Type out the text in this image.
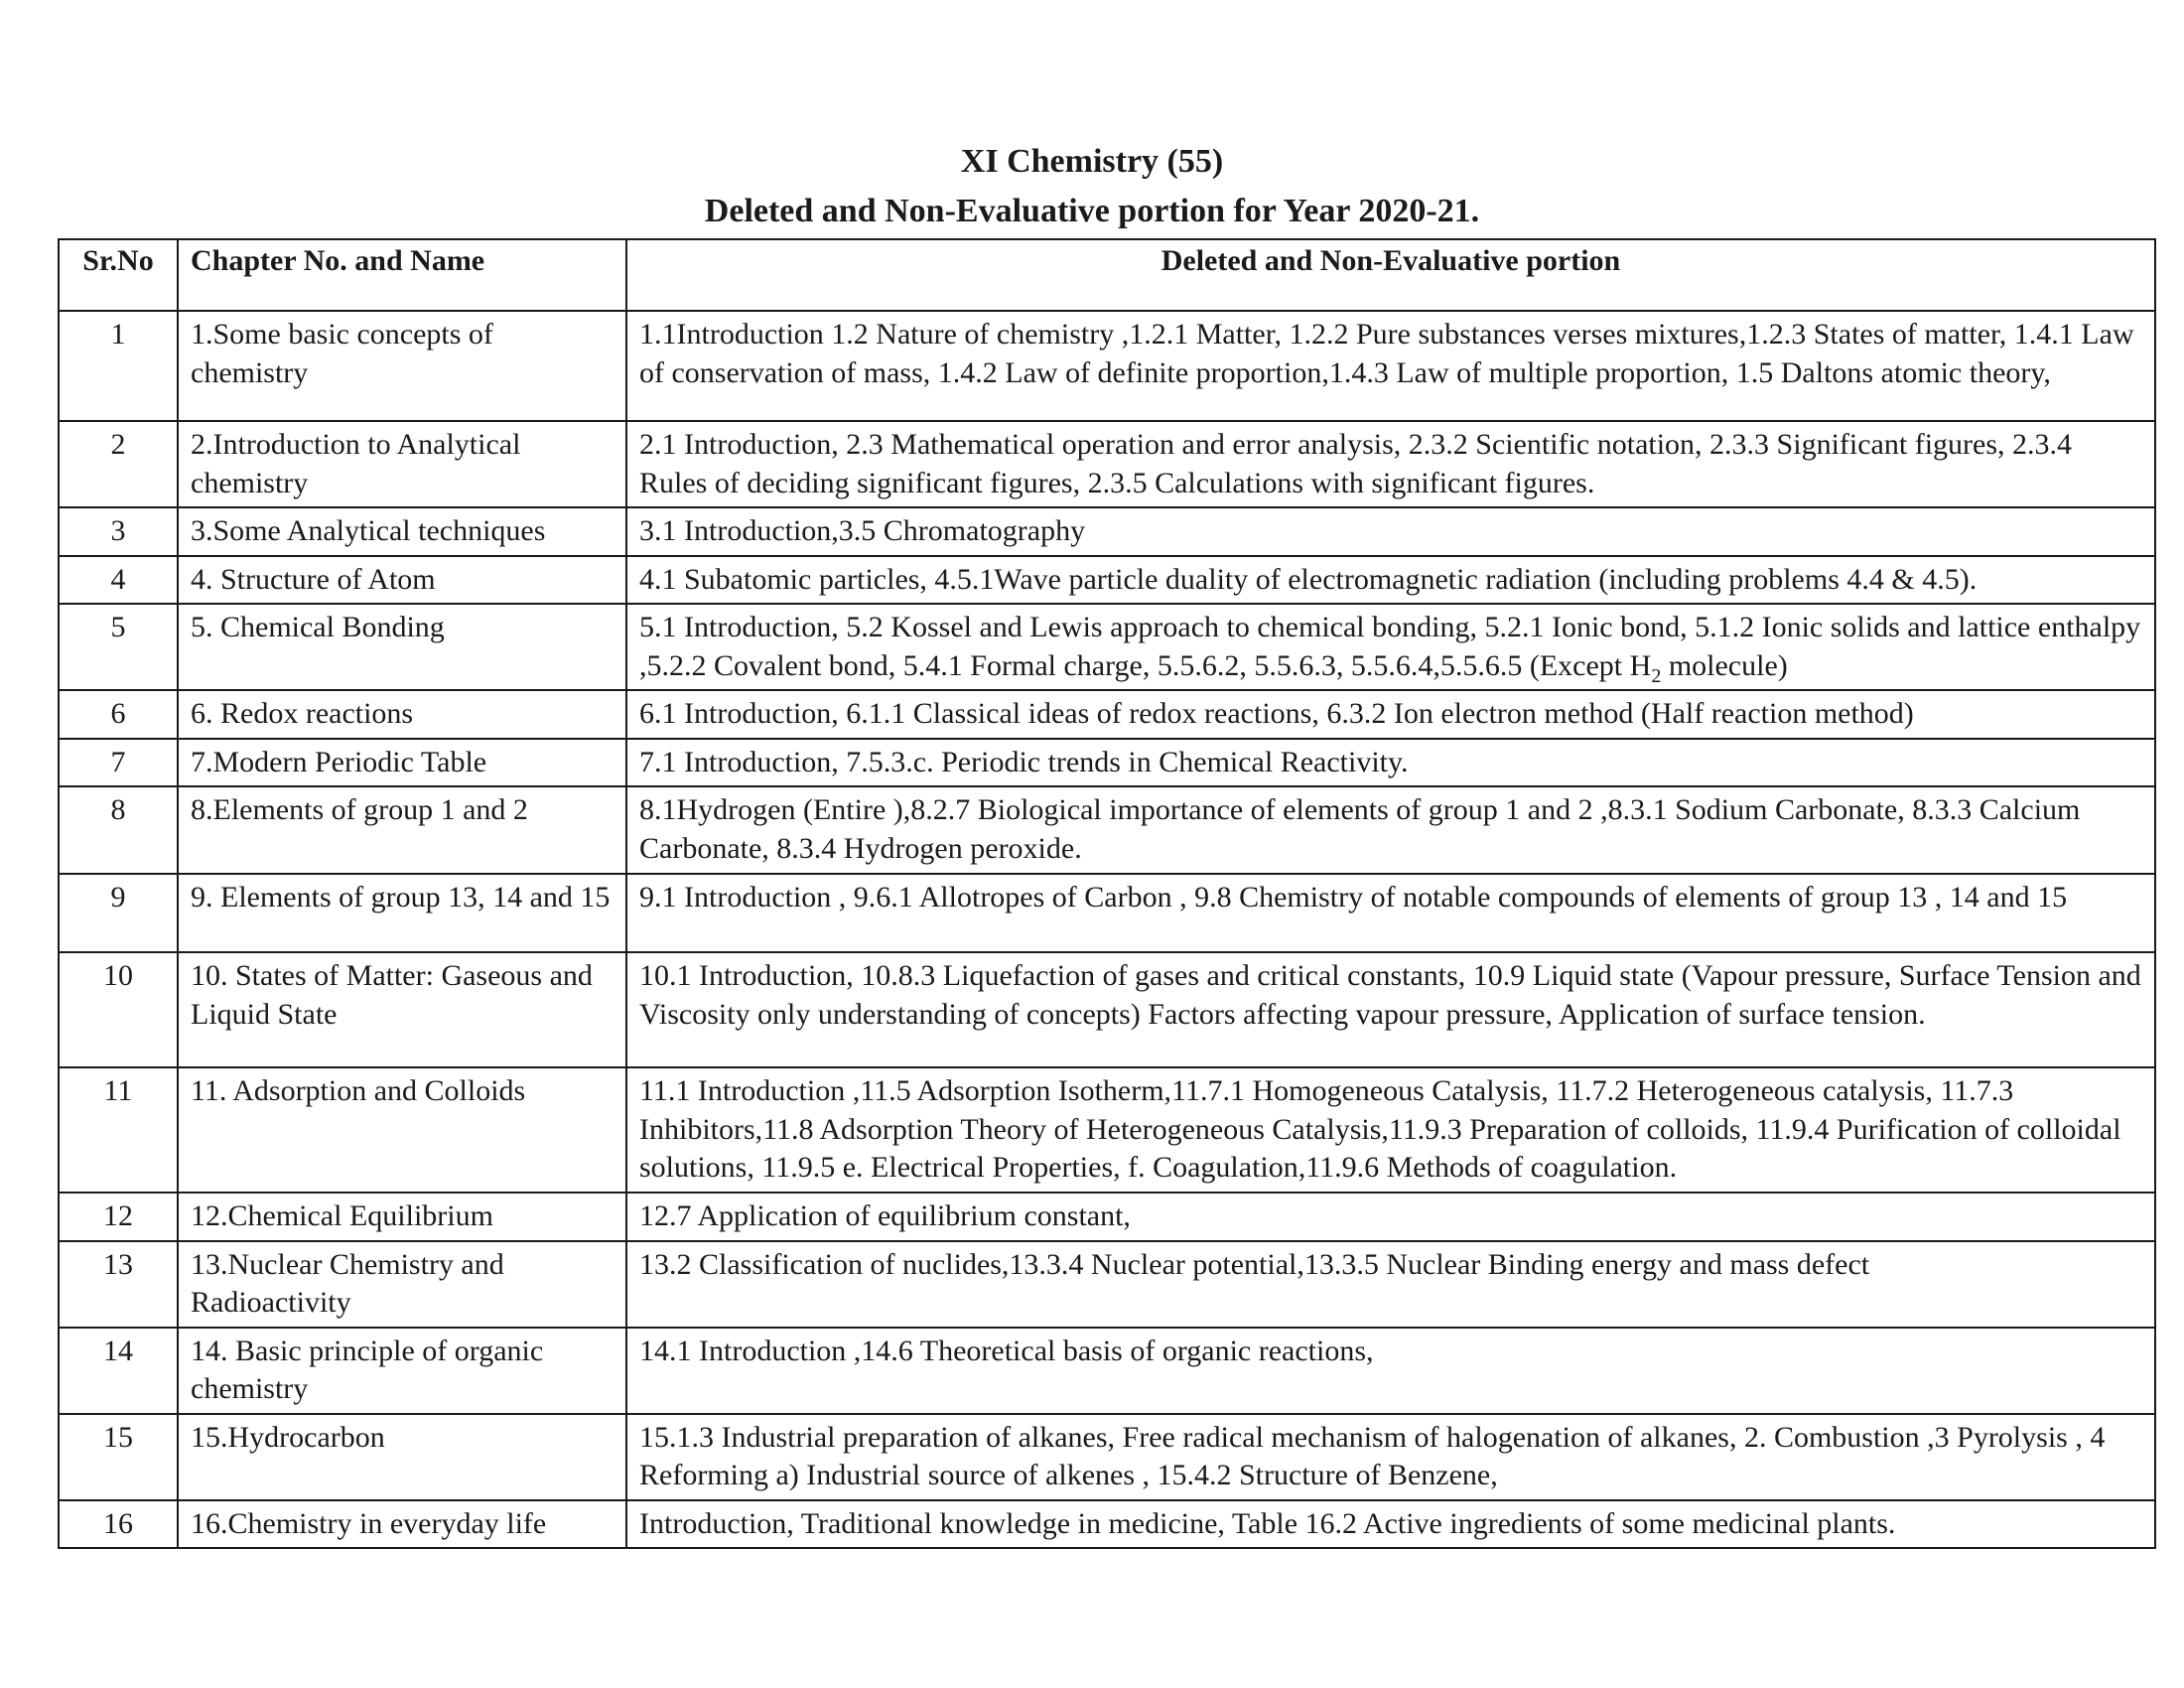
XI Chemistry (55)
Deleted and Non-Evaluative portion for Year 2020-21.
Sr.No	Chapter No. and Name	Deleted and Non-Evaluative portion
1	1.Some basic concepts of chemistry	1.1Introduction 1.2 Nature of chemistry ,1.2.1 Matter, 1.2.2 Pure substances verses mixtures,1.2.3 States of matter, 1.4.1 Law of conservation of mass, 1.4.2 Law of definite proportion,1.4.3 Law of multiple proportion, 1.5 Daltons atomic theory,
2	2.Introduction to Analytical chemistry	2.1 Introduction, 2.3 Mathematical operation and error analysis, 2.3.2 Scientific notation, 2.3.3 Significant figures, 2.3.4 Rules of deciding significant figures, 2.3.5 Calculations with significant figures.
3	3.Some Analytical techniques	3.1 Introduction,3.5 Chromatography
4	4. Structure of Atom	4.1 Subatomic particles, 4.5.1Wave particle duality of electromagnetic radiation (including problems 4.4 & 4.5).
5	5. Chemical Bonding	5.1 Introduction, 5.2 Kossel and Lewis approach to chemical bonding, 5.2.1 Ionic bond, 5.1.2 Ionic solids and lattice enthalpy ,5.2.2 Covalent bond, 5.4.1 Formal charge, 5.5.6.2, 5.5.6.3, 5.5.6.4,5.5.6.5 (Except $H_2$ molecule)
6	6. Redox reactions	6.1 Introduction, 6.1.1 Classical ideas of redox reactions, 6.3.2 Ion electron method (Half reaction method)
7	7.Modern Periodic Table	7.1 Introduction, 7.5.3.c. Periodic trends in Chemical Reactivity.
8	8.Elements of group 1 and 2	8.1Hydrogen (Entire ),8.2.7 Biological importance of elements of group 1 and 2 ,8.3.1 Sodium Carbonate, 8.3.3 Calcium Carbonate, 8.3.4 Hydrogen peroxide.
9	9. Elements of group 13, 14 and 15	9.1 Introduction , 9.6.1 Allotropes of Carbon , 9.8 Chemistry of notable compounds of elements of group 13 , 14 and 15
10	10. States of Matter: Gaseous and Liquid State	10.1 Introduction, 10.8.3 Liquefaction of gases and critical constants, 10.9 Liquid state (Vapour pressure, Surface Tension and Viscosity only understanding of concepts) Factors affecting vapour pressure, Application of surface tension.
11	11. Adsorption and Colloids	11.1 Introduction ,11.5 Adsorption Isotherm,11.7.1 Homogeneous Catalysis, 11.7.2 Heterogeneous catalysis, 11.7.3 Inhibitors,11.8 Adsorption Theory of Heterogeneous Catalysis,11.9.3 Preparation of colloids, 11.9.4 Purification of colloidal solutions, 11.9.5 e. Electrical Properties, f. Coagulation,11.9.6 Methods of coagulation.
12	12.Chemical Equilibrium	12.7 Application of equilibrium constant,
13	13.Nuclear Chemistry and Radioactivity	13.2 Classification of nuclides,13.3.4 Nuclear potential,13.3.5 Nuclear Binding energy and mass defect
14	14. Basic principle of organic chemistry	14.1 Introduction ,14.6 Theoretical basis of organic reactions,
15	15.Hydrocarbon	15.1.3 Industrial preparation of alkanes, Free radical mechanism of halogenation of alkanes, 2. Combustion ,3 Pyrolysis , 4 Reforming a) Industrial source of alkenes , 15.4.2 Structure of Benzene,
16	16.Chemistry in everyday life	Introduction, Traditional knowledge in medicine, Table 16.2 Active ingredients of some medicinal plants.
